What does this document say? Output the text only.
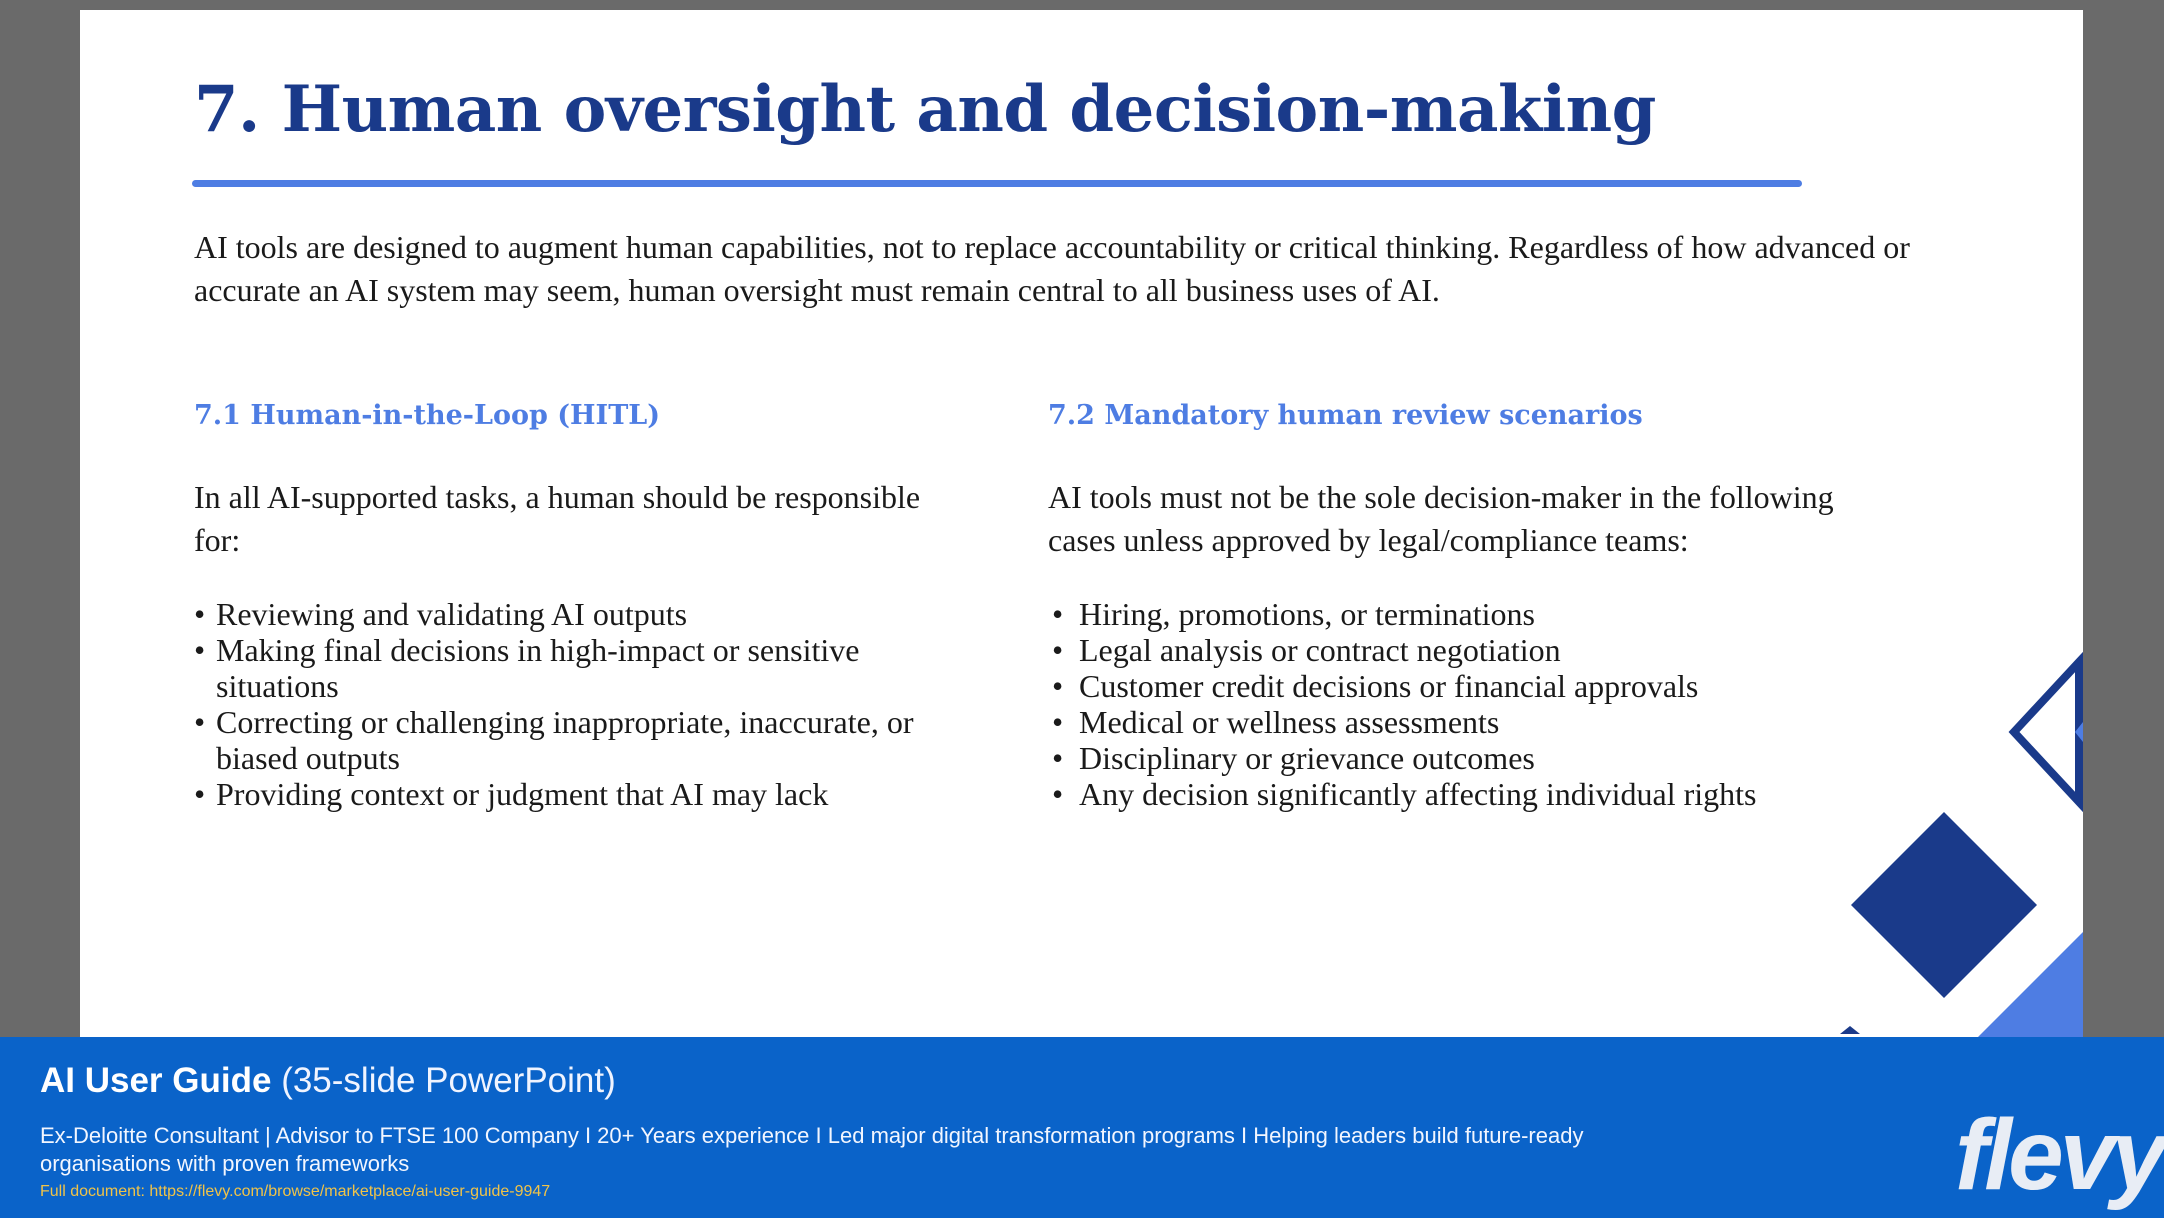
7. Human oversight and decision-making

AI tools are designed to augment human capabilities, not to replace accountability or critical thinking. Regardless of how advanced or accurate an AI system may seem, human oversight must remain central to all business uses of AI.

7.1 Human-in-the-Loop (HITL)

In all AI-supported tasks, a human should be responsible for:

• Reviewing and validating AI outputs
• Making final decisions in high-impact or sensitive situations
• Correcting or challenging inappropriate, inaccurate, or biased outputs
• Providing context or judgment that AI may lack
7.2 Mandatory human review scenarios

AI tools must not be the sole decision-maker in the following cases unless approved by legal/compliance teams:

• Hiring, promotions, or terminations
• Legal analysis or contract negotiation
• Customer credit decisions or financial approvals
• Medical or wellness assessments
• Disciplinary or grievance outcomes
• Any decision significantly affecting individual rights
AI User Guide (35-slide PowerPoint)
Ex-Deloitte Consultant | Advisor to FTSE 100 Company I 20+ Years experience I Led major digital transformation programs I Helping leaders build future-ready organisations with proven frameworks
Full document: https://flevy.com/browse/marketplace/ai-user-guide-9947	flevy
